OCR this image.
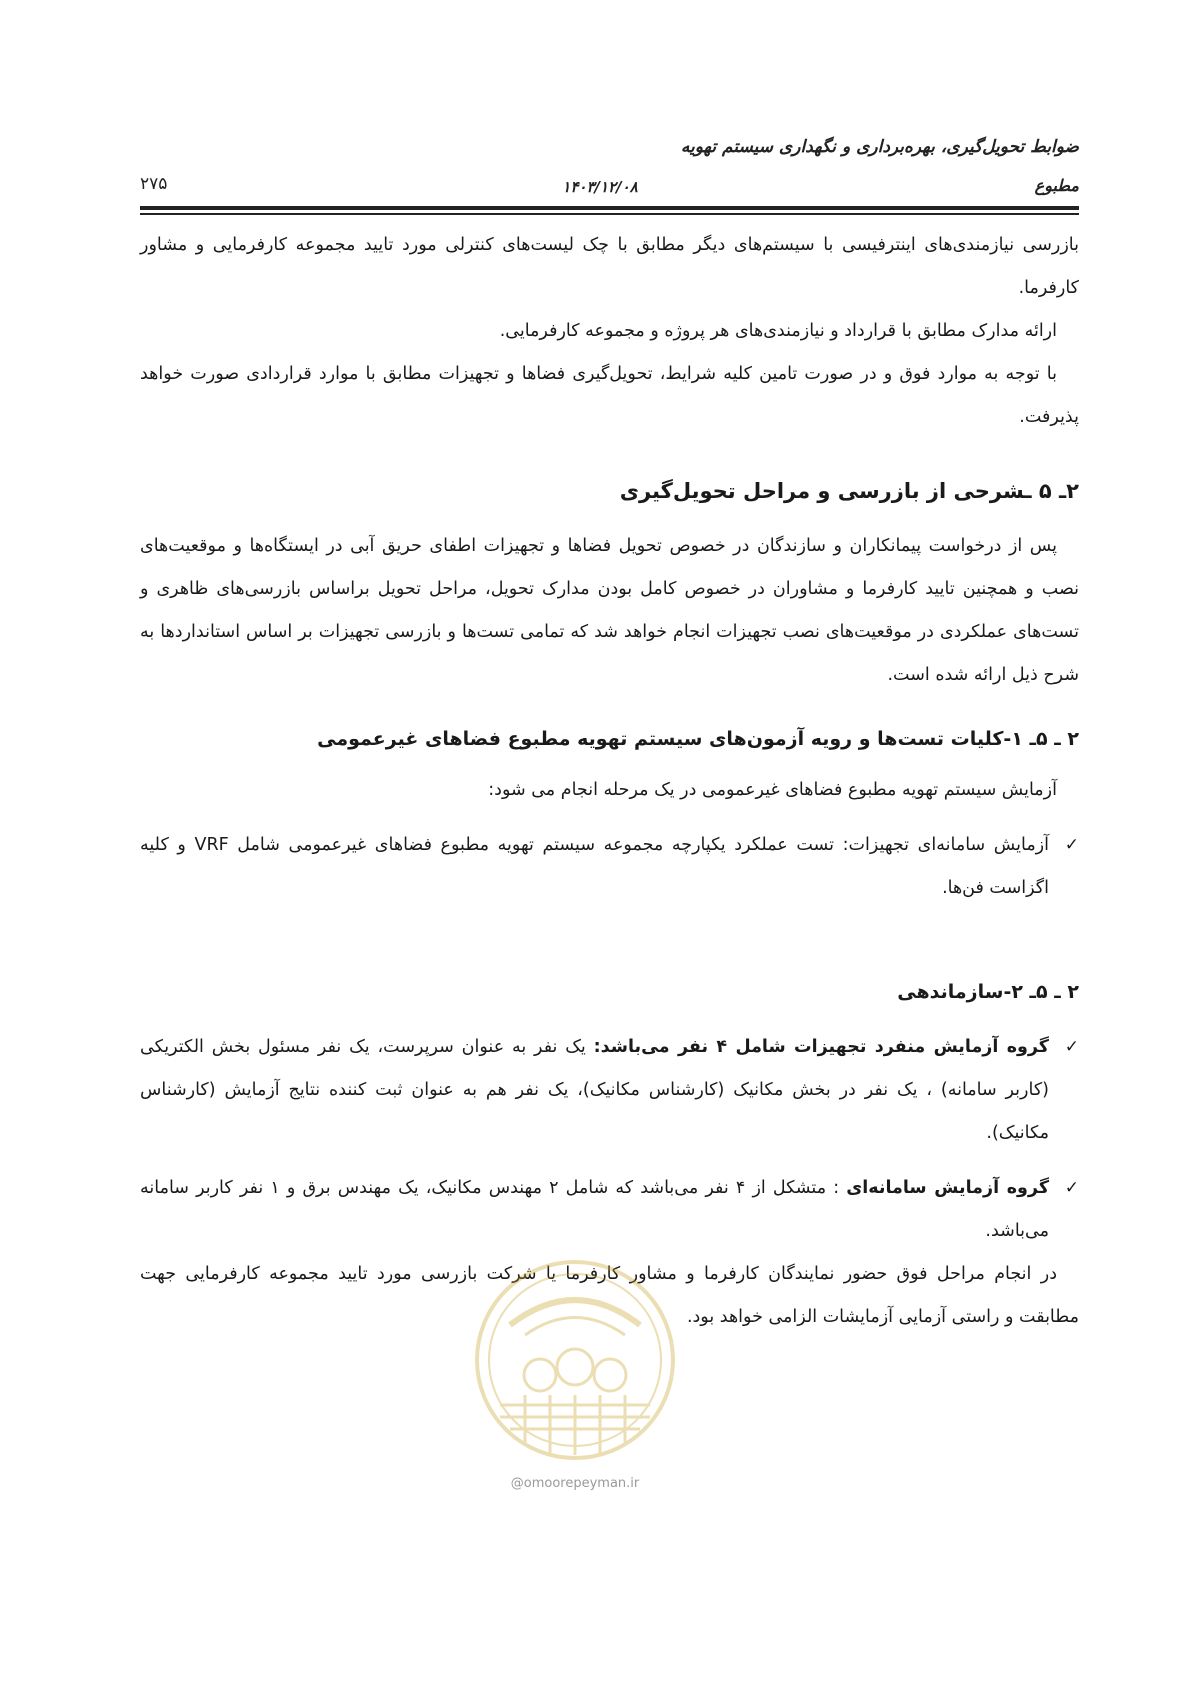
ضوابط تحویل‌گیری، بهره‌برداری و نگهداری سیستم تهویه
مطبوع
۱۴۰۳/۱۲/۰۸
۲۷۵

بازرسی نیازمندی‌های اینترفیسی با سیستم‌های دیگر مطابق با چک لیست‌های کنترلی مورد تایید مجموعه کارفرمایی و مشاور کارفرما.

ارائه مدارک مطابق با قرارداد و نیازمندی‌های هر پروژه و مجموعه کارفرمایی.

با توجه به موارد فوق و در صورت تامین کلیه شرایط، تحویل‌گیری فضاها و تجهیزات مطابق با موارد قراردادی صورت خواهد پذیرفت.

۲ـ ۵ ـشرحی از بازرسی و مراحل تحویل‌گیری

پس از درخواست پیمانکاران و سازندگان در خصوص تحویل فضاها و تجهیزات اطفای حریق آبی در ایستگاه‌ها و موقعیت‌های نصب و همچنین تایید کارفرما و مشاوران در خصوص کامل بودن مدارک تحویل، مراحل تحویل براساس بازرسی‌های ظاهری و تست‌های عملکردی در موقعیت‌های نصب تجهیزات انجام خواهد شد که تمامی تست‌ها و بازرسی تجهیزات بر اساس استانداردها به شرح ذیل ارائه شده است.

۲ ـ ۵ـ ۱-کلیات تست‌ها و رویه آزمون‌های سیستم تهویه مطبوع فضاهای غیرعمومی

آزمایش سیستم تهویه مطبوع فضاهای غیرعمومی در یک مرحله انجام می شود:

✓
آزمایش سامانه‌ای تجهیزات: تست عملکرد یکپارچه مجموعه سیستم تهویه مطبوع فضاهای غیرعمومی شامل VRF و کلیه اگزاست فن‌ها.
۲ ـ ۵ـ ۲-سازماندهی
✓
گروه آزمایش منفرد تجهیزات شامل ۴ نفر می‌باشد: یک نفر به عنوان سرپرست، یک نفر مسئول بخش الکتریکی (کاربر سامانه) ، یک نفر در بخش مکانیک (کارشناس مکانیک)، یک نفر هم به عنوان ثبت کننده نتایج آزمایش (کارشناس مکانیک).
✓
گروه آزمایش سامانه‌ای : متشکل از ۴ نفر می‌باشد که شامل ۲ مهندس مکانیک، یک مهندس برق و ۱ نفر کاربر سامانه می‌باشد.

در انجام مراحل فوق حضور نمایندگان کارفرما و مشاور کارفرما یا شرکت بازرسی مورد تایید مجموعه کارفرمایی جهت مطابقت و راستی آزمایی آزمایشات الزامی خواهد بود.

@omoorepeyman.ir
